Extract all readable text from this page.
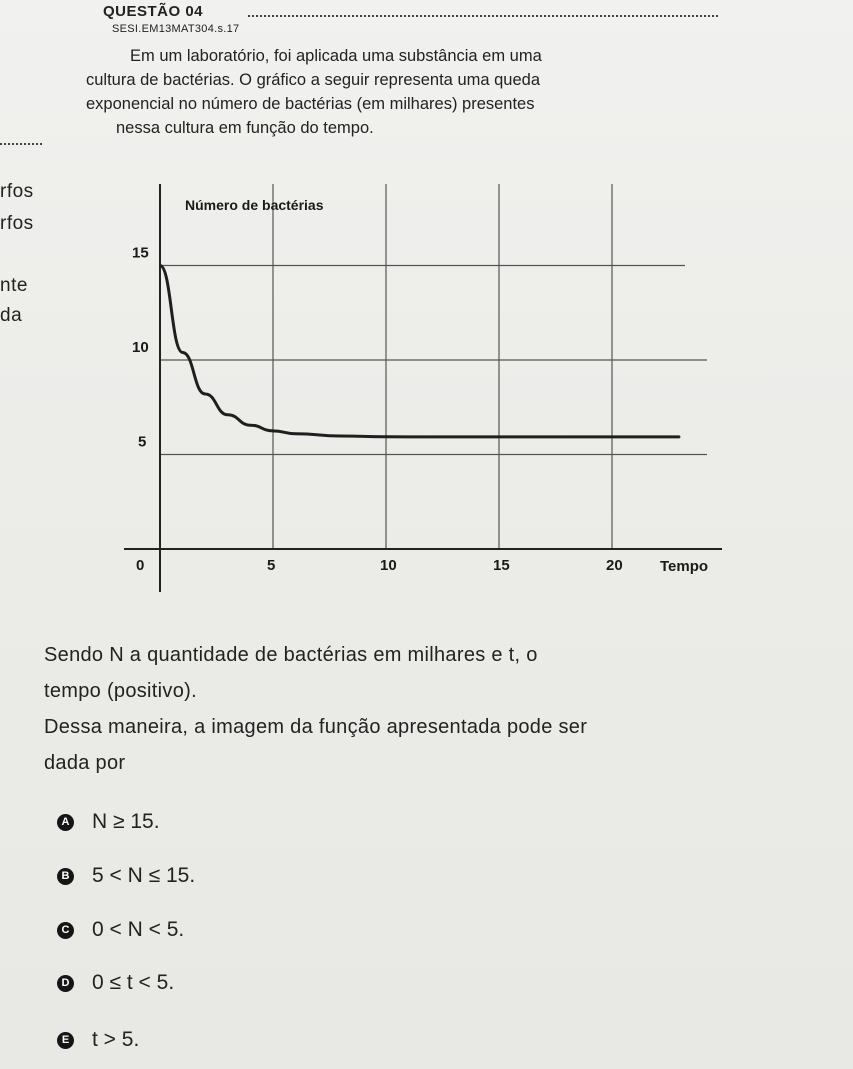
QUESTÃO 04
SESI.EM13MAT304.s.17

Em um laboratório, foi aplicada uma substância em uma

cultura de bactérias. O gráfico a seguir representa uma queda

exponencial no número de bactérias (em milhares) presentes

nessa cultura em função do tempo.

rfos
rfos
nte
da
Número de bactérias
Tempo
0	5	10	15	20
5
10
15

Sendo N a quantidade de bactérias em milhares e t, o

tempo (positivo).

Dessa maneira, a imagem da função apresentada pode ser

dada por

A N ≥ 15.
B 5 < N ≤ 15.
C 0 < N < 5.
D 0 ≤ t < 5.
E t > 5.
